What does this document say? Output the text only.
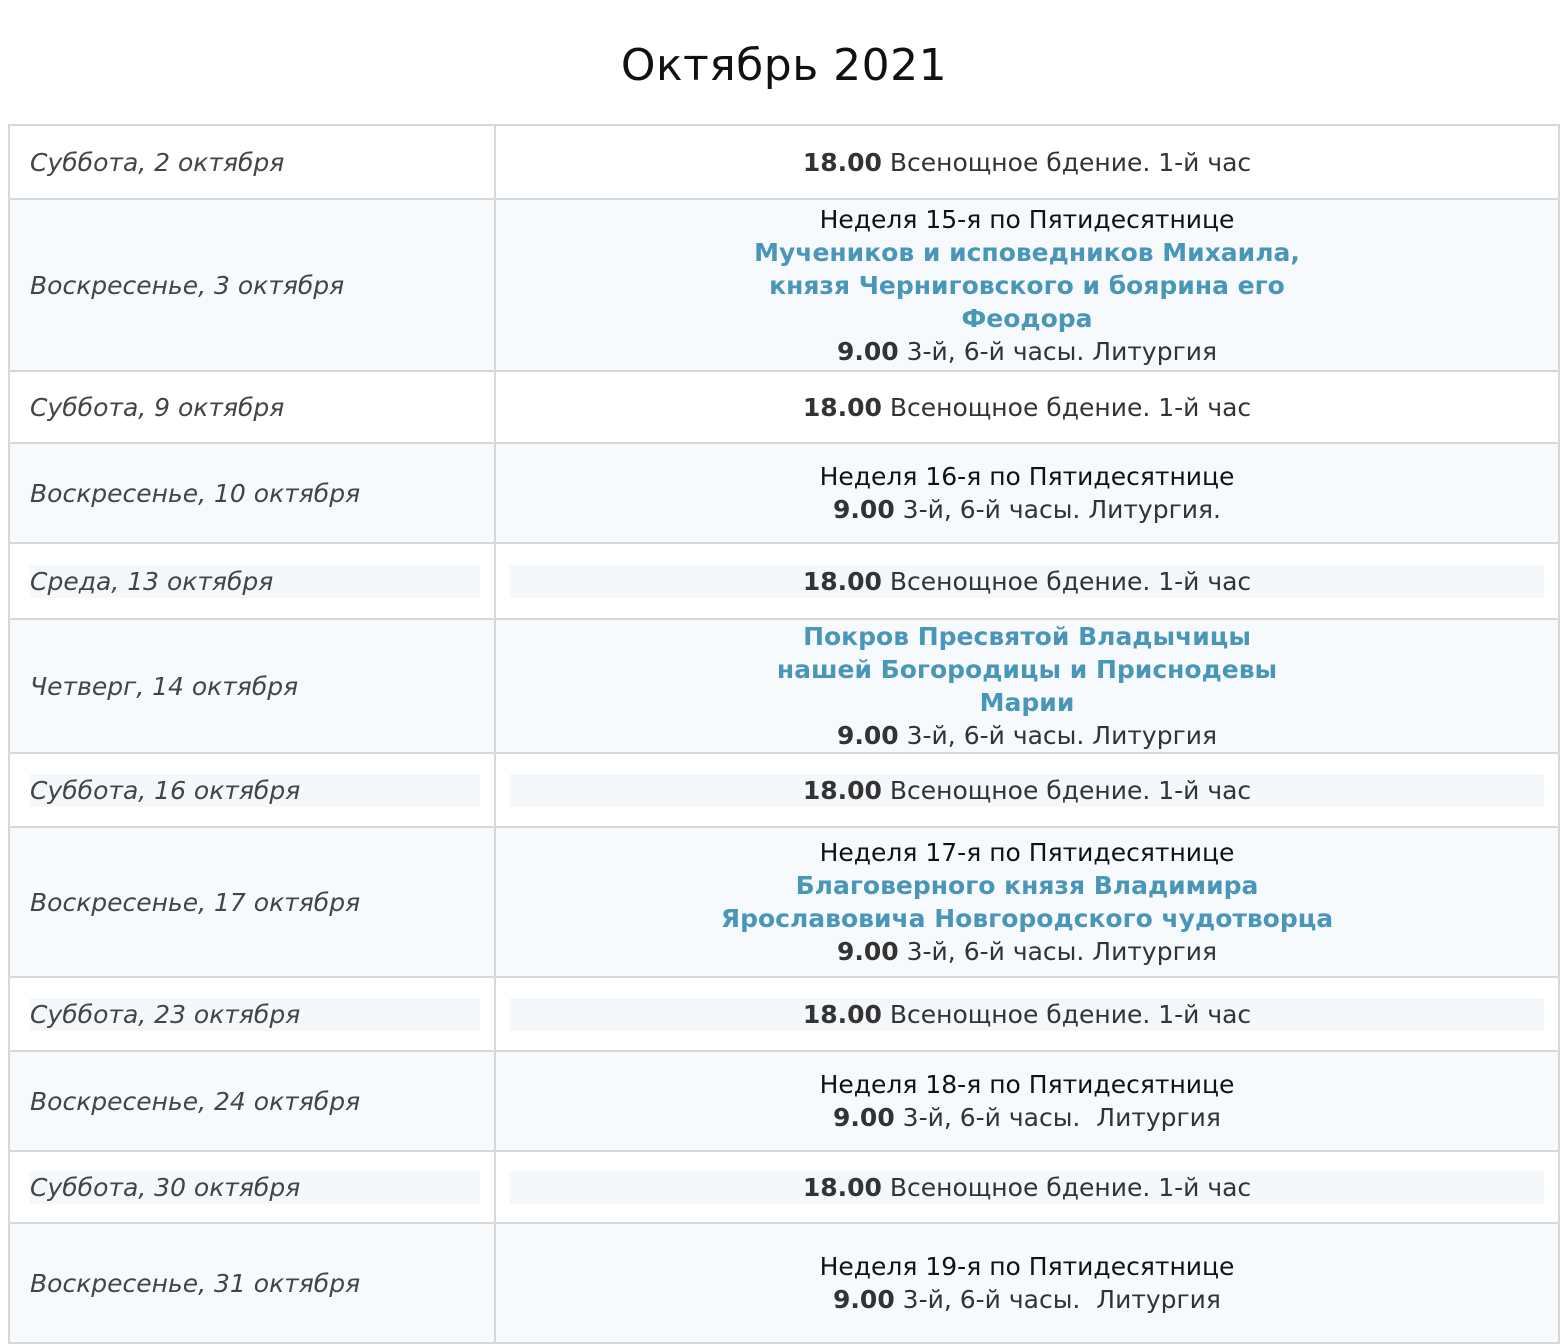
Октябрь 2021
Суббота, 2 октября	18.00 Всенощное бдение. 1-й час

Воскресенье, 3 октября	Неделя 15-я по Пятидесятнице
Мучеников и исповедников Михаила, князя Черниговского и боярина его Феодора
9.00 3-й, 6-й часы. Литургия

Суббота, 9 октября	18.00 Всенощное бдение. 1-й час

Воскресенье, 10 октября	Неделя 16-я по Пятидесятнице
9.00 3-й, 6-й часы. Литургия.

Среда, 13 октября	18.00 Всенощное бдение. 1-й час

Четверг, 14 октября	Покров Пресвятой Владычицы нашей Богородицы и Приснодевы Марии
9.00 3-й, 6-й часы. Литургия

Суббота, 16 октября	18.00 Всенощное бдение. 1-й час

Воскресенье, 17 октября	Неделя 17-я по Пятидесятнице
Благоверного князя Владимира Ярославовича Новгородского чудотворца
9.00 3-й, 6-й часы. Литургия

Суббота, 23 октября	18.00 Всенощное бдение. 1-й час

Воскресенье, 24 октября	Неделя 18-я по Пятидесятнице
9.00 3-й, 6-й часы.  Литургия

Суббота, 30 октября	18.00 Всенощное бдение. 1-й час

Воскресенье, 31 октября	Неделя 19-я по Пятидесятнице
9.00 3-й, 6-й часы.  Литургия
